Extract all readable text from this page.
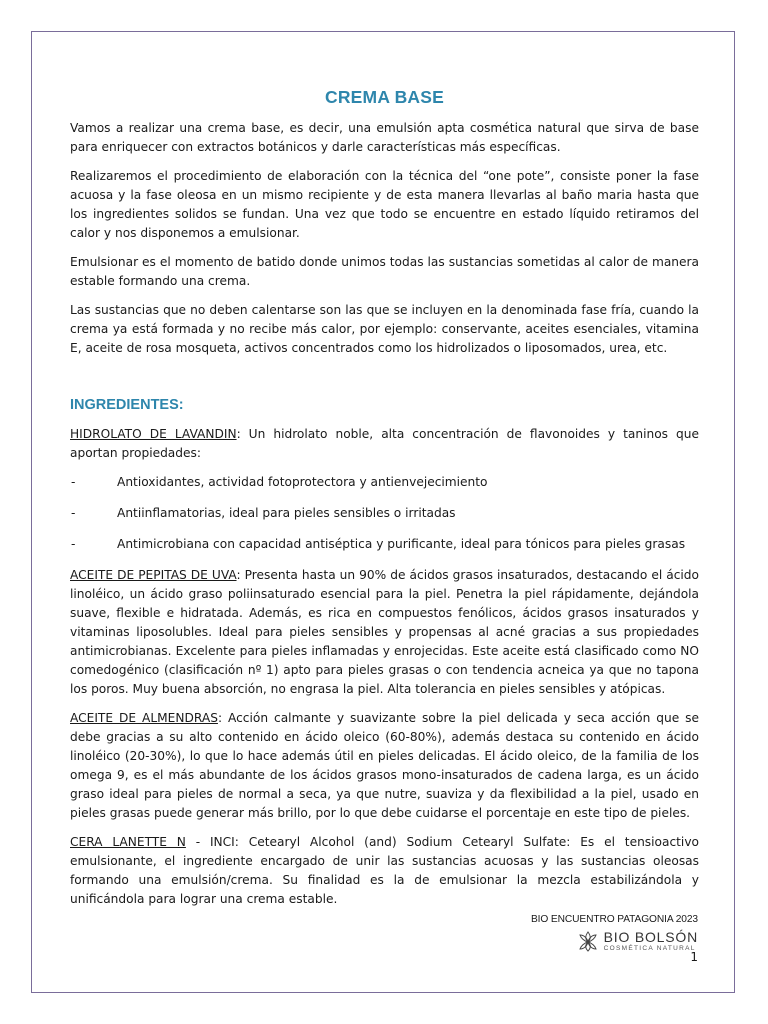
CREMA BASE

Vamos a realizar una crema base, es decir, una emulsión apta cosmética natural que sirva de base para enriquecer con extractos botánicos y darle características más específicas.

Realizaremos el procedimiento de elaboración con la técnica del “one pote”, consiste poner la fase acuosa y la fase oleosa en un mismo recipiente y de esta manera llevarlas al baño maria hasta que los ingredientes solidos se fundan. Una vez que todo se encuentre en estado líquido retiramos del calor y nos disponemos a emulsionar.

Emulsionar es el momento de batido donde unimos todas las sustancias sometidas al calor de manera estable formando una crema.

Las sustancias que no deben calentarse son las que se incluyen en la denominada fase fría, cuando la crema ya está formada y no recibe más calor, por ejemplo: conservante, aceites esenciales, vitamina E, aceite de rosa mosqueta, activos concentrados como los hidrolizados o liposomados, urea, etc.

INGREDIENTES:

HIDROLATO DE LAVANDIN: Un hidrolato noble, alta concentración de flavonoides y taninos que aportan propiedades:

-	Antioxidantes, actividad fotoprotectora y antienvejecimiento
-	Antiinflamatorias, ideal para pieles sensibles o irritadas
-	Antimicrobiana con capacidad antiséptica y purificante, ideal para tónicos para pieles grasas

ACEITE DE PEPITAS DE UVA: Presenta hasta un 90% de ácidos grasos insaturados, destacando el ácido linoléico, un ácido graso poliinsaturado esencial para la piel. Penetra la piel rápidamente, dejándola suave, flexible e hidratada. Además, es rica en compuestos fenólicos, ácidos grasos insaturados y vitaminas liposolubles. Ideal para pieles sensibles y propensas al acné gracias a sus propiedades antimicrobianas. Excelente para pieles inflamadas y enrojecidas. Este aceite está clasificado como NO comedogénico (clasificación nº 1) apto para pieles grasas o con tendencia acneica ya que no tapona los poros. Muy buena absorción, no engrasa la piel. Alta tolerancia en pieles sensibles y atópicas.

ACEITE DE ALMENDRAS: Acción calmante y suavizante sobre la piel delicada y seca acción que se debe gracias a su alto contenido en ácido oleico (60-80%), además destaca su contenido en ácido linoléico (20-30%), lo que lo hace además útil en pieles delicadas. El ácido oleico, de la familia de los omega 9, es el más abundante de los ácidos grasos mono-insaturados de cadena larga, es un ácido graso ideal para pieles de normal a seca, ya que nutre, suaviza y da flexibilidad a la piel, usado en pieles grasas puede generar más brillo, por lo que debe cuidarse el porcentaje en este tipo de pieles.

CERA LANETTE N - INCI: Cetearyl Alcohol (and) Sodium Cetearyl Sulfate: Es el tensioactivo emulsionante, el ingrediente encargado de unir las sustancias acuosas y las sustancias oleosas formando una emulsión/crema. Su finalidad es la de emulsionar la mezcla estabilizándola y unificándola para lograr una crema estable.

BIO ENCUENTRO PATAGONIA 2023
BIO BOLSÓN
COSMÉTICA NATURAL
1
